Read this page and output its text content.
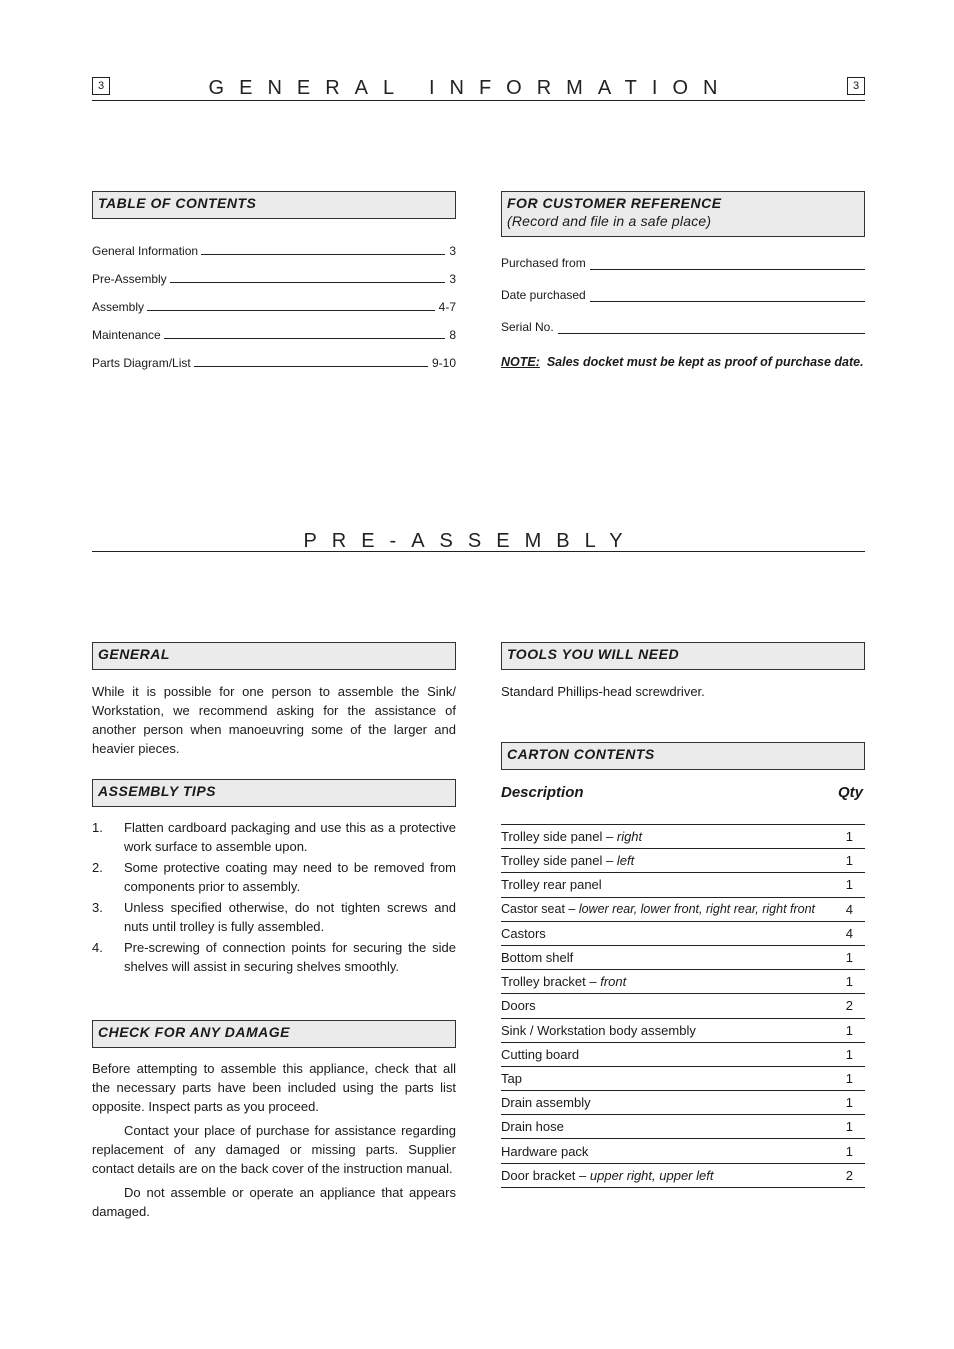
3	3
GENERAL INFORMATION
TABLE OF CONTENTS
General Information	3
Pre-Assembly	3
Assembly	4-7
Maintenance	8
Parts Diagram/List	9-10
FOR CUSTOMER REFERENCE
(Record and file in a safe place)
Purchased from
Date purchased
Serial No.
NOTE: Sales docket must be kept as proof of purchase date.
PRE-ASSEMBLY
GENERAL

While it is possible for one person to assemble the Sink/ Workstation, we recommend asking for the assistance of another person when manoeuvring some of the larger and heavier pieces.

TOOLS YOU WILL NEED
Standard Phillips-head screwdriver.
ASSEMBLY TIPS
1.	Flatten cardboard packaging and use this as a protective work surface to assemble upon.
2.	Some protective coating may need to be removed from components prior to assembly.
3.	Unless specified otherwise, do not tighten screws and nuts until trolley is fully assembled.
4.	Pre-screwing of connection points for securing the side shelves will assist in securing shelves smoothly.
CHECK FOR ANY DAMAGE

Before attempting to assemble this appliance, check that all the necessary parts have been included using the parts list opposite. Inspect parts as you proceed.

Contact your place of purchase for assistance regarding replacement of any damaged or missing parts. Supplier contact details are on the back cover of the instruction manual.

Do not assemble or operate an appliance that appears damaged.

CARTON CONTENTS
Description	Qty
Trolley side panel – right	1
Trolley side panel – left	1
Trolley rear panel	1
Castor seat – lower rear, lower front, right rear, right front	4
Castors	4
Bottom shelf	1
Trolley bracket – front	1
Doors	2
Sink / Workstation body assembly	1
Cutting board	1
Tap	1
Drain assembly	1
Drain hose	1
Hardware pack	1
Door bracket – upper right, upper left	2
